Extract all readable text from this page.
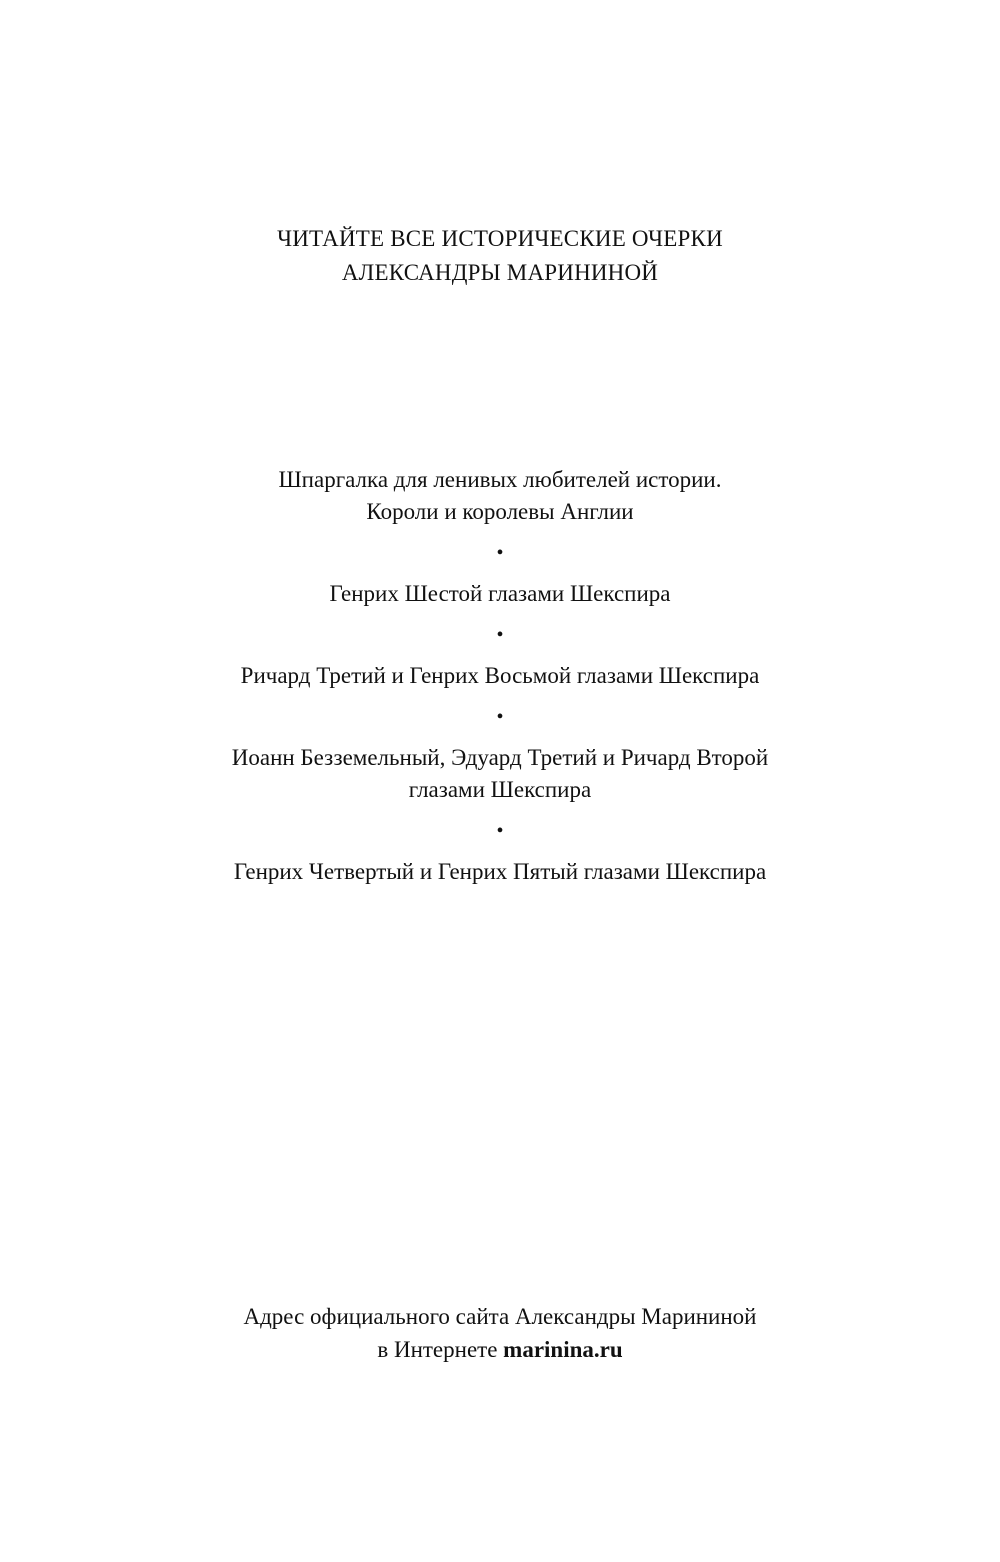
ЧИТАЙТЕ ВСЕ ИСТОРИЧЕСКИЕ ОЧЕРКИ
АЛЕКСАНДРЫ МАРИНИНОЙ
Шпаргалка для ленивых любителей истории.
Короли и королевы Англии
•
Генрих Шестой глазами Шекспира
•
Ричард Третий и Генрих Восьмой глазами Шекспира
•
Иоанн Безземельный, Эдуард Третий и Ричард Второй
глазами Шекспира
•
Генрих Четвертый и Генрих Пятый глазами Шекспира
Адрес официального сайта Александры Марининой
в Интернете marinina.ru
